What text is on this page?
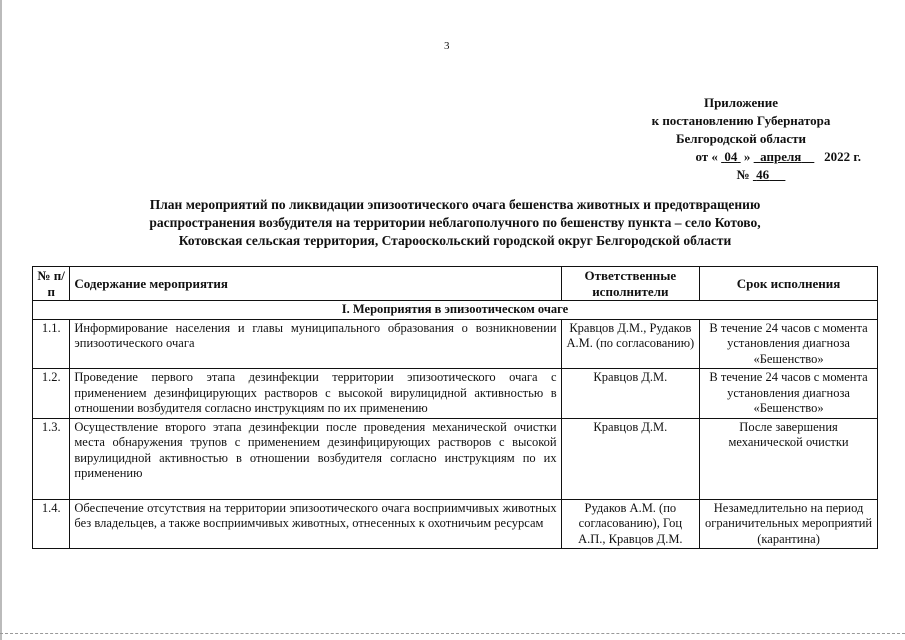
3
Приложение
к постановлению Губернатора
Белгородской области
от « 04 » апреля 2022 г.
№ 46
План мероприятий по ликвидации эпизоотического очага бешенства животных и предотвращению
распространения возбудителя на территории неблагополучного по бешенству пункта – село Котово,
Котовская сельская территория, Старооскольский городской округ Белгородской области
№ п/п	Содержание мероприятия	Ответственные исполнители	Срок исполнения
I. Мероприятия в эпизоотическом очаге			
1.1.	Информирование населения и главы муниципального образования о возникновении эпизоотического очага	Кравцов Д.М., Рудаков А.М. (по согласованию)	В течение 24 часов с момента установления диагноза «Бешенство»
1.2.	Проведение первого этапа дезинфекции территории эпизоотического очага с применением дезинфицирующих растворов с высокой вирулицидной активностью в отношении возбудителя согласно инструкциям по их применению	Кравцов Д.М.	В течение 24 часов с момента установления диагноза «Бешенство»
1.3.	Осуществление второго этапа дезинфекции после проведения механической очистки места обнаружения трупов с применением дезинфицирующих растворов с высокой вирулицидной активностью в отношении возбудителя согласно инструкциям по их применению	Кравцов Д.М.	После завершения механической очистки
1.4.	Обеспечение отсутствия на территории эпизоотического очага восприимчивых животных без владельцев, а также восприимчивых животных, отнесенных к охотничьим ресурсам	Рудаков А.М. (по согласованию), Гоц А.П., Кравцов Д.М.	Незамедлительно на период ограничительных мероприятий (карантина)
